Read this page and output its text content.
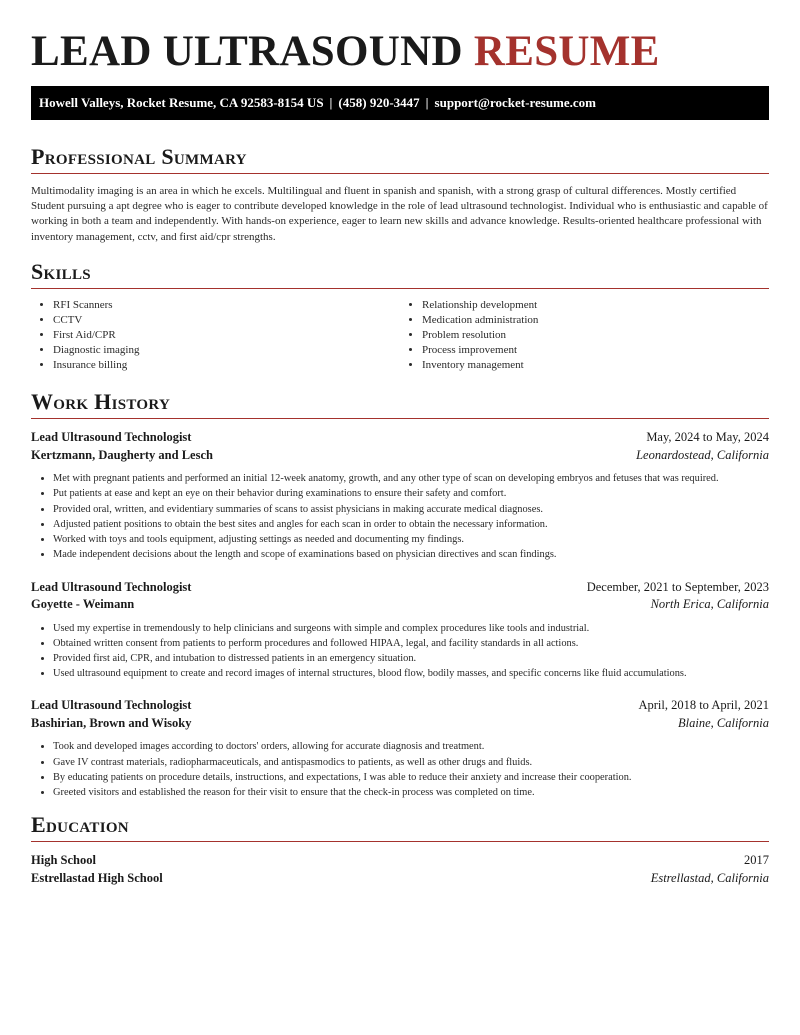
LEAD ULTRASOUND RESUME
Howell Valleys, Rocket Resume, CA 92583-8154 US | (458) 920-3447 | support@rocket-resume.com
Professional Summary

Multimodality imaging is an area in which he excels. Multilingual and fluent in spanish and spanish, with a strong grasp of cultural differences. Mostly certified Student pursuing a apt degree who is eager to contribute developed knowledge in the role of lead ultrasound technologist. Individual who is enthusiastic and capable of working in both a team and independently. With hands-on experience, eager to learn new skills and advance knowledge. Results-oriented healthcare professional with inventory management, cctv, and first aid/cpr strengths.

Skills
• RFI Scanners
• CCTV
• First Aid/CPR
• Diagnostic imaging
• Insurance billing
• Relationship development
• Medication administration
• Problem resolution
• Process improvement
• Inventory management
Work History
Lead Ultrasound Technologist	May, 2024 to May, 2024
Kertzmann, Daugherty and Lesch	Leonardostead, California
• Met with pregnant patients and performed an initial 12-week anatomy, growth, and any other type of scan on developing embryos and fetuses that was required.
• Put patients at ease and kept an eye on their behavior during examinations to ensure their safety and comfort.
• Provided oral, written, and evidentiary summaries of scans to assist physicians in making accurate medical diagnoses.
• Adjusted patient positions to obtain the best sites and angles for each scan in order to obtain the necessary information.
• Worked with toys and tools equipment, adjusting settings as needed and documenting my findings.
• Made independent decisions about the length and scope of examinations based on physician directives and scan findings.
Lead Ultrasound Technologist	December, 2021 to September, 2023
Goyette - Weimann	North Erica, California
• Used my expertise in tremendously to help clinicians and surgeons with simple and complex procedures like tools and industrial.
• Obtained written consent from patients to perform procedures and followed HIPAA, legal, and facility standards in all actions.
• Provided first aid, CPR, and intubation to distressed patients in an emergency situation.
• Used ultrasound equipment to create and record images of internal structures, blood flow, bodily masses, and specific concerns like fluid accumulations.
Lead Ultrasound Technologist	April, 2018 to April, 2021
Bashirian, Brown and Wisoky	Blaine, California
• Took and developed images according to doctors' orders, allowing for accurate diagnosis and treatment.
• Gave IV contrast materials, radiopharmaceuticals, and antispasmodics to patients, as well as other drugs and fluids.
• By educating patients on procedure details, instructions, and expectations, I was able to reduce their anxiety and increase their cooperation.
• Greeted visitors and established the reason for their visit to ensure that the check-in process was completed on time.
Education
High School	2017
Estrellastad High School	Estrellastad, California
